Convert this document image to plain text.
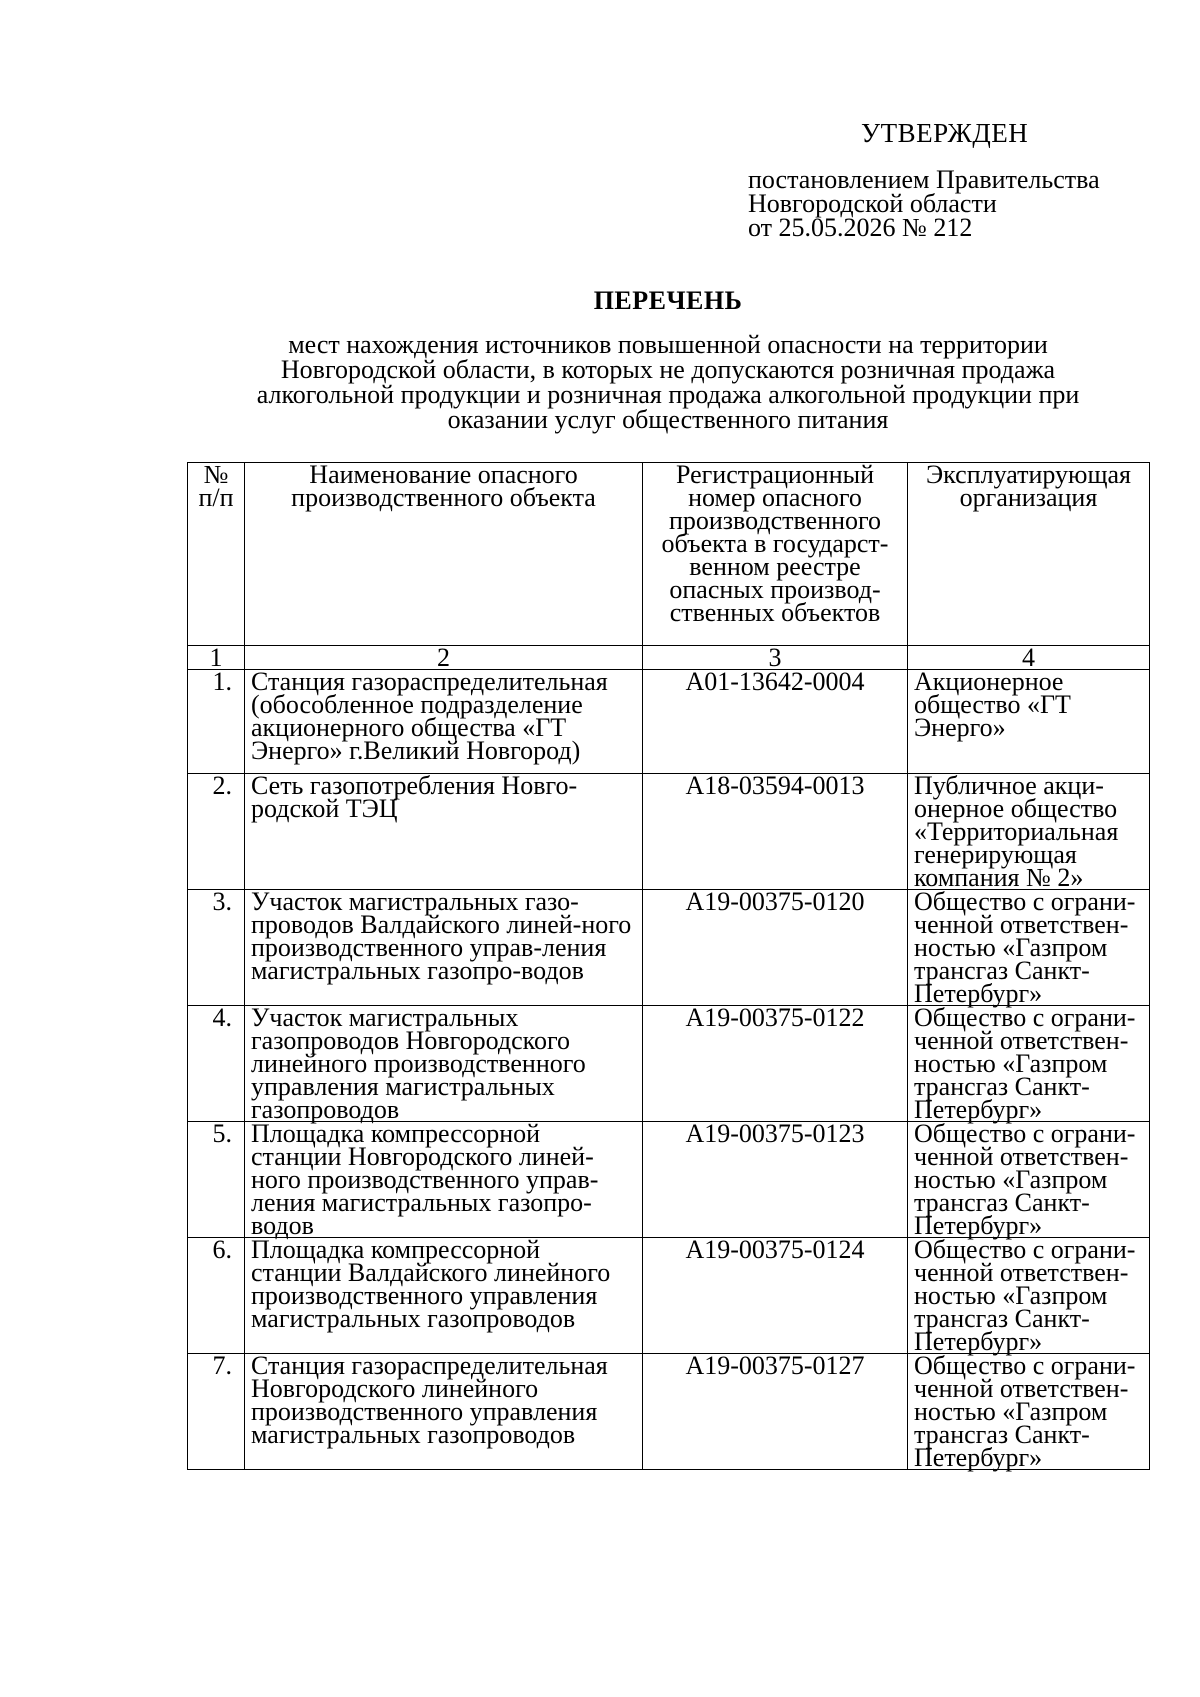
УТВЕРЖДЕН
постановлением Правительства
Новгородской области
от 25.05.2026 № 212
ПЕРЕЧЕНЬ
мест нахождения источников повышенной опасности на территории
Новгородской области, в которых не допускаются розничная продажа
алкогольной продукции и розничная продажа алкогольной продукции при
оказании услуг общественного питания
№ п/п	Наименование опасного производственного объекта	Регистрационный номер опасного производственного объекта в государст-венном реестре опасных производ-ственных объектов	Эксплуатирующая организация
1	2	3	4
1.	Станция газораспределительная (обособленное подразделение акционерного общества «ГТ Энерго» г.Великий Новгород)	А01-13642-0004	Акционерное общество «ГТ Энерго»
2.	Сеть газопотребления Новго-родской ТЭЦ	А18-03594-0013	Публичное акци-онерное общество «Территориальная генерирующая компания № 2»
3.	Участок магистральных газо-проводов Валдайского линей-ного производственного управ-ления магистральных газопро-водов	А19-00375-0120	Общество с ограни-ченной ответствен-ностью «Газпром трансгаз Санкт-Петербург»
4.	Участок магистральных газопроводов Новгородского линейного производственного управления магистральных газопроводов	А19-00375-0122	Общество с ограни-ченной ответствен-ностью «Газпром трансгаз Санкт-Петербург»
5.	Площадка компрессорной станции Новгородского линей-ного производственного управ-ления магистральных газопро-водов	А19-00375-0123	Общество с ограни-ченной ответствен-ностью «Газпром трансгаз Санкт-Петербург»
6.	Площадка компрессорной станции Валдайского линейного производственного управления магистральных газопроводов	А19-00375-0124	Общество с ограни-ченной ответствен-ностью «Газпром трансгаз Санкт-Петербург»
7.	Станция газораспределительная Новгородского линейного производственного управления магистральных газопроводов	А19-00375-0127	Общество с ограни-ченной ответствен-ностью «Газпром трансгаз Санкт-Петербург»
